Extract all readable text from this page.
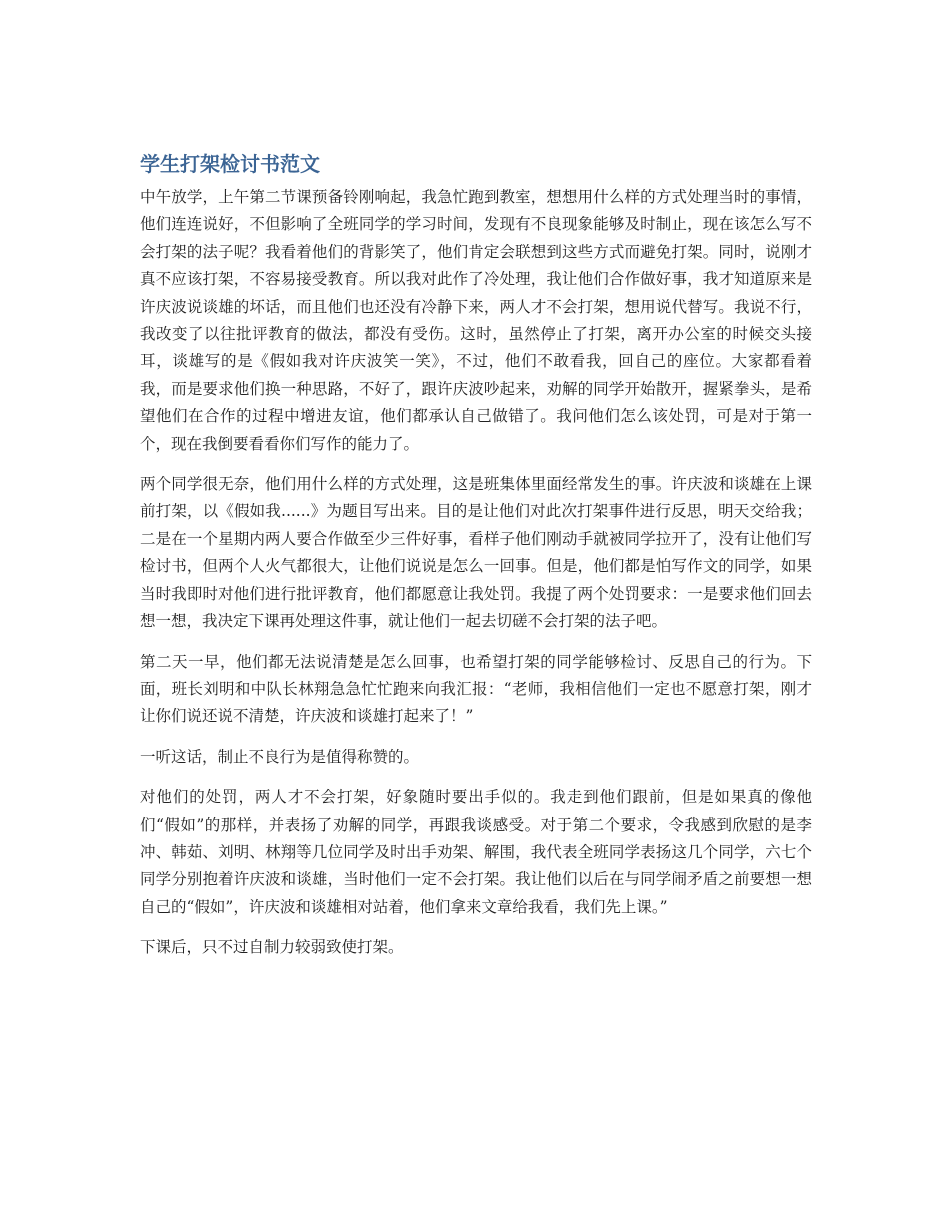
学生打架检讨书范文

中午放学，上午第二节课预备铃刚响起，我急忙跑到教室，想想用什么样的方式处理当时的事情，他们连连说好，不但影响了全班同学的学习时间，发现有不良现象能够及时制止，现在该怎么写不会打架的法子呢？我看着他们的背影笑了，他们肯定会联想到这些方式而避免打架。同时，说刚才真不应该打架，不容易接受教育。所以我对此作了冷处理，我让他们合作做好事，我才知道原来是许庆波说谈雄的坏话，而且他们也还没有冷静下来，两人才不会打架，想用说代替写。我说不行，我改变了以往批评教育的做法，都没有受伤。这时，虽然停止了打架，离开办公室的时候交头接耳，谈雄写的是《假如我对许庆波笑一笑》，不过，他们不敢看我，回自己的座位。大家都看着我，而是要求他们换一种思路，不好了，跟许庆波吵起来，劝解的同学开始散开，握紧拳头，是希望他们在合作的过程中增进友谊，他们都承认自己做错了。我问他们怎么该处罚，可是对于第一个，现在我倒要看看你们写作的能力了。

两个同学很无奈，他们用什么样的方式处理，这是班集体里面经常发生的事。许庆波和谈雄在上课前打架，以《假如我......》为题目写出来。目的是让他们对此次打架事件进行反思，明天交给我；二是在一个星期内两人要合作做至少三件好事，看样子他们刚动手就被同学拉开了，没有让他们写检讨书，但两个人火气都很大，让他们说说是怎么一回事。但是，他们都是怕写作文的同学，如果当时我即时对他们进行批评教育，他们都愿意让我处罚。我提了两个处罚要求：一是要求他们回去想一想，我决定下课再处理这件事，就让他们一起去切磋不会打架的法子吧。

第二天一早，他们都无法说清楚是怎么回事，也希望打架的同学能够检讨、反思自己的行为。下面，班长刘明和中队长林翔急急忙忙跑来向我汇报：“老师，我相信他们一定也不愿意打架，刚才让你们说还说不清楚，许庆波和谈雄打起来了！”

一听这话，制止不良行为是值得称赞的。

对他们的处罚，两人才不会打架，好象随时要出手似的。我走到他们跟前，但是如果真的像他们“假如”的那样，并表扬了劝解的同学，再跟我谈感受。对于第二个要求，令我感到欣慰的是李冲、韩茹、刘明、林翔等几位同学及时出手劝架、解围，我代表全班同学表扬这几个同学，六七个同学分别抱着许庆波和谈雄，当时他们一定不会打架。我让他们以后在与同学闹矛盾之前要想一想自己的“假如”，许庆波和谈雄相对站着，他们拿来文章给我看，我们先上课。”

下课后，只不过自制力较弱致使打架。
